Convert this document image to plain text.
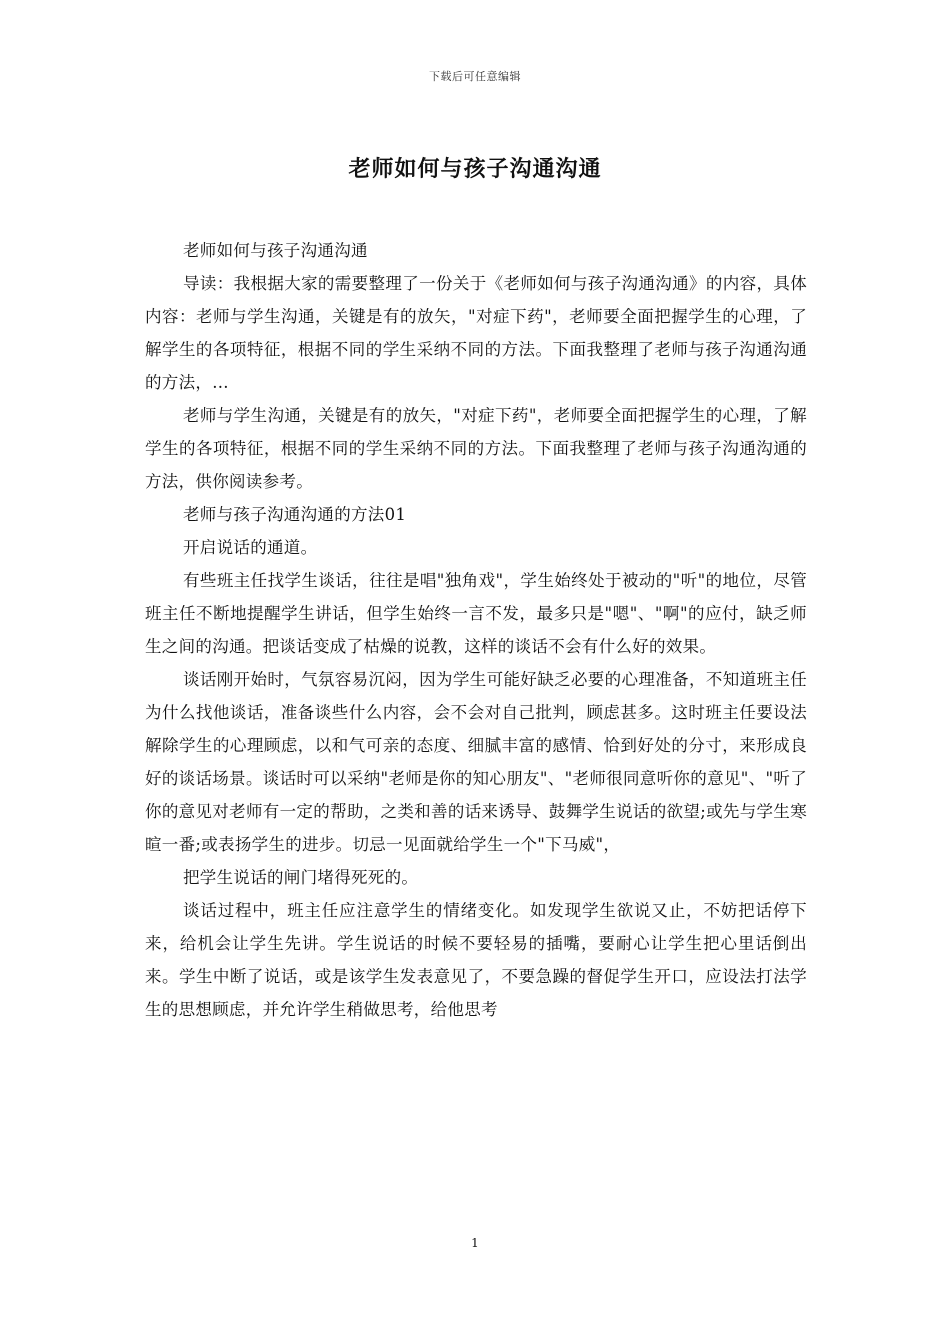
下载后可任意编辑
老师如何与孩子沟通沟通

老师如何与孩子沟通沟通

导读：我根据大家的需要整理了一份关于《老师如何与孩子沟通沟通》的内容，具体内容：老师与学生沟通，关键是有的放矢，"对症下药"，老师要全面把握学生的心理，了解学生的各项特征，根据不同的学生采纳不同的方法。下面我整理了老师与孩子沟通沟通的方法，...

老师与学生沟通，关键是有的放矢，"对症下药"，老师要全面把握学生的心理，了解学生的各项特征，根据不同的学生采纳不同的方法。下面我整理了老师与孩子沟通沟通的方法，供你阅读参考。

老师与孩子沟通沟通的方法01

开启说话的通道。

有些班主任找学生谈话，往往是唱"独角戏"，学生始终处于被动的"听"的地位，尽管班主任不断地提醒学生讲话，但学生始终一言不发，最多只是"嗯"、"啊"的应付，缺乏师生之间的沟通。把谈话变成了枯燥的说教，这样的谈话不会有什么好的效果。

谈话刚开始时，气氛容易沉闷，因为学生可能好缺乏必要的心理准备，不知道班主任为什么找他谈话，准备谈些什么内容，会不会对自己批判，顾虑甚多。这时班主任要设法解除学生的心理顾虑，以和气可亲的态度、细腻丰富的感情、恰到好处的分寸，来形成良好的谈话场景。谈话时可以采纳"老师是你的知心朋友"、"老师很同意听你的意见"、"听了你的意见对老师有一定的帮助，之类和善的话来诱导、鼓舞学生说话的欲望;或先与学生寒暄一番;或表扬学生的进步。切忌一见面就给学生一个"下马威"，

把学生说话的闸门堵得死死的。

谈话过程中，班主任应注意学生的情绪变化。如发现学生欲说又止，不妨把话停下来，给机会让学生先讲。学生说话的时候不要轻易的插嘴，要耐心让学生把心里话倒出来。学生中断了说话，或是该学生发表意见了，不要急躁的督促学生开口，应设法打法学生的思想顾虑，并允许学生稍做思考，给他思考

1
